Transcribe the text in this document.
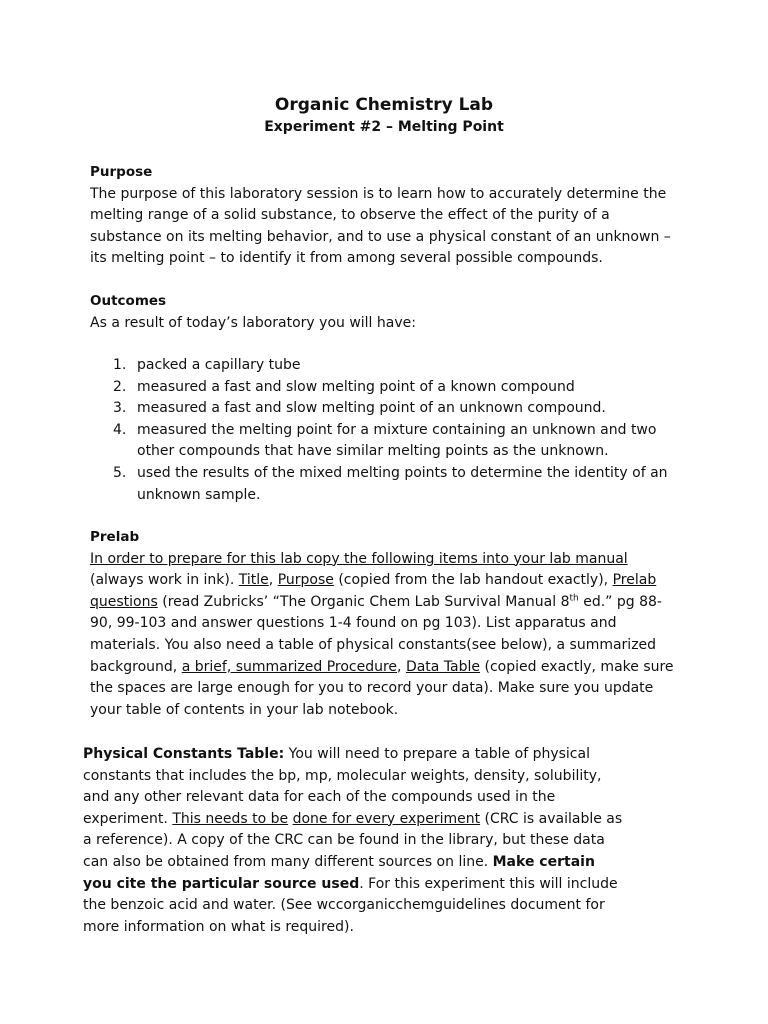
Organic Chemistry Lab

Experiment #2 – Melting Point

Purpose

The purpose of this laboratory session is to learn how to accurately determine the melting range of a solid substance, to observe the effect of the purity of a substance on its melting behavior, and to use a physical constant of an unknown – its melting point – to identify it from among several possible compounds.

Outcomes

As a result of today’s laboratory you will have:

1. packed a capillary tube
2. measured a fast and slow melting point of a known compound
3. measured a fast and slow melting point of an unknown compound.
4. measured the melting point for a mixture containing an unknown and two other compounds that have similar melting points as the unknown.
5. used the results of the mixed melting points to determine the identity of an unknown sample.

Prelab

In order to prepare for this lab copy the following items into your lab manual (always work in ink). Title, Purpose (copied from the lab handout exactly), Prelab questions (read Zubricks’ “The Organic Chem Lab Survival Manual 8th ed.” pg 88-90, 99-103 and answer questions 1-4 found on pg 103). List apparatus and materials. You also need a table of physical constants(see below), a summarized background, a brief, summarized Procedure, Data Table (copied exactly, make sure the spaces are large enough for you to record your data). Make sure you update your table of contents in your lab notebook.

Physical Constants Table: You will need to prepare a table of physical constants that includes the bp, mp, molecular weights, density, solubility, and any other relevant data for each of the compounds used in the experiment. This needs to be done for every experiment (CRC is available as a reference). A copy of the CRC can be found in the library, but these data can also be obtained from many different sources on line. Make certain you cite the particular source used. For this experiment this will include the benzoic acid and water. (See wccorganicchemguidelines document for more information on what is required).
